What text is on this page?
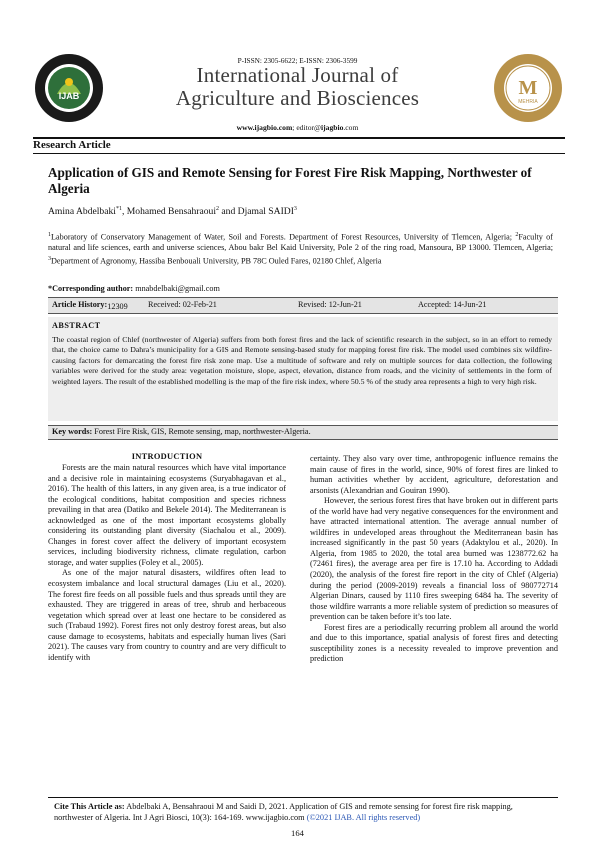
IJAB
P-ISSN: 2305-6622; E-ISSN: 2306-3599
International Journal of
Agriculture and Biosciences
www.ijagbio.com; editor@ijagbio.com
M
MEHRIA
Research Article
Application of GIS and Remote Sensing for Forest Fire Risk Mapping, Northwester of Algeria
Amina Abdelbaki$^{*1}$, Mohamed Bensahraoui$^2$ and Djamal SAIDI$^3$
$^1$Laboratory of Conservatory Management of Water, Soil and Forests. Department of Forest Resources, University of Tlemcen, Algeria; $^2$Faculty of natural and life sciences, earth and universe sciences, Abou bakr Bel Kaid University, Pole 2 of the ring road, Mansoura, BP 13000. Tlemcen, Algeria; $^3$Department of Agronomy, Hassiba Benbouali University, PB 78C Ouled Fares, 02180 Chlef, Algeria
*Corresponding author: mnabdelbaki@gmail.com
Article History: 12309 Received: 02-Feb-21	Revised: 12-Jun-21	Accepted: 14-Jun-21
ABSTRACT
The coastal region of Chlef (northwester of Algeria) suffers from both forest fires and the lack of scientific research in the subject, so in an effort to remedy that, the choice came to Dahra’s municipality for a GIS and Remote sensing-based study for mapping forest fire risk. The model used combines six wildfire-causing factors for demarcating the forest fire risk zone map. Use a multitude of software and rely on multiple sources for data collection, the following variables were derived for the study area: vegetation moisture, slope, aspect, elevation, distance from roads, and the vicinity of settlements in the form of weighted layers. The result of the established modelling is the map of the fire risk index, where 50.5 % of the study area represents a high to very high risk.
Key words: Forest Fire Risk, GIS, Remote sensing, map, northwester-Algeria.
INTRODUCTION

Forests are the main natural resources which have vital importance and a decisive role in maintaining ecosystems (Suryabhagavan et al., 2016). The health of this latters, in any given area, is a true indicator of the ecological conditions, habitat composition and species richness prevailing in that area (Datiko and Bekele 2014). The Mediterranean is acknowledged as one of the most important ecosystems globally considering its outstanding plant diversity (Siachalou et al., 2009). Changes in forest cover affect the delivery of important ecosystem services, including biodiversity richness, climate regulation, carbon storage, and water supplies (Foley et al., 2005).

As one of the major natural disasters, wildfires often lead to ecosystem imbalance and local structural damages (Liu et al., 2020). The forest fire feeds on all possible fuels and thus spreads until they are exhausted. They are triggered in areas of tree, shrub and herbaceous vegetation which spread over at least one hectare to be considered as such (Trabaud 1992). Forest fires not only destroy forest areas, but also cause damage to ecosystems, habitats and especially human lives (Sari 2021). The causes vary from country to country and are very difficult to identify with

certainty. They also vary over time, anthropogenic influence remains the main cause of fires in the world, since, 90% of forest fires are linked to human activities whether by accident, agriculture, deforestation and arsonists (Alexandrian and Gouiran 1990).

However, the serious forest fires that have broken out in different parts of the world have had very negative consequences for the environment and have attracted international attention. The average annual number of wildfires in undeveloped areas throughout the Mediterranean basin has increased significantly in the past 50 years (Adaktylou et al., 2020). In Algeria, from 1985 to 2020, the total area burned was 1238772.62 ha (72461 fires), the average area per fire is 17.10 ha. According to Addadi (2020), the analysis of the forest fire report in the city of Chlef (Algeria) during the period (2009-2019) reveals a financial loss of 980772714 Algerian Dinars, caused by 1110 fires sweeping 6484 ha. The severity of those wildfire warrants a more reliable system of prediction so measures of prevention can be taken before it’s too late.

Forest fires are a periodically recurring problem all around the world and due to this importance, spatial analysis of forest fires and detecting susceptibility zones is a necessity revealed to improve prevention and prediction

Cite This Article as: Abdelbaki A, Bensahraoui M and Saidi D, 2021. Application of GIS and remote sensing for forest fire risk mapping, northwester of Algeria. Int J Agri Biosci, 10(3): 164-169. www.ijagbio.com (©2021 IJAB. All rights reserved)
164
